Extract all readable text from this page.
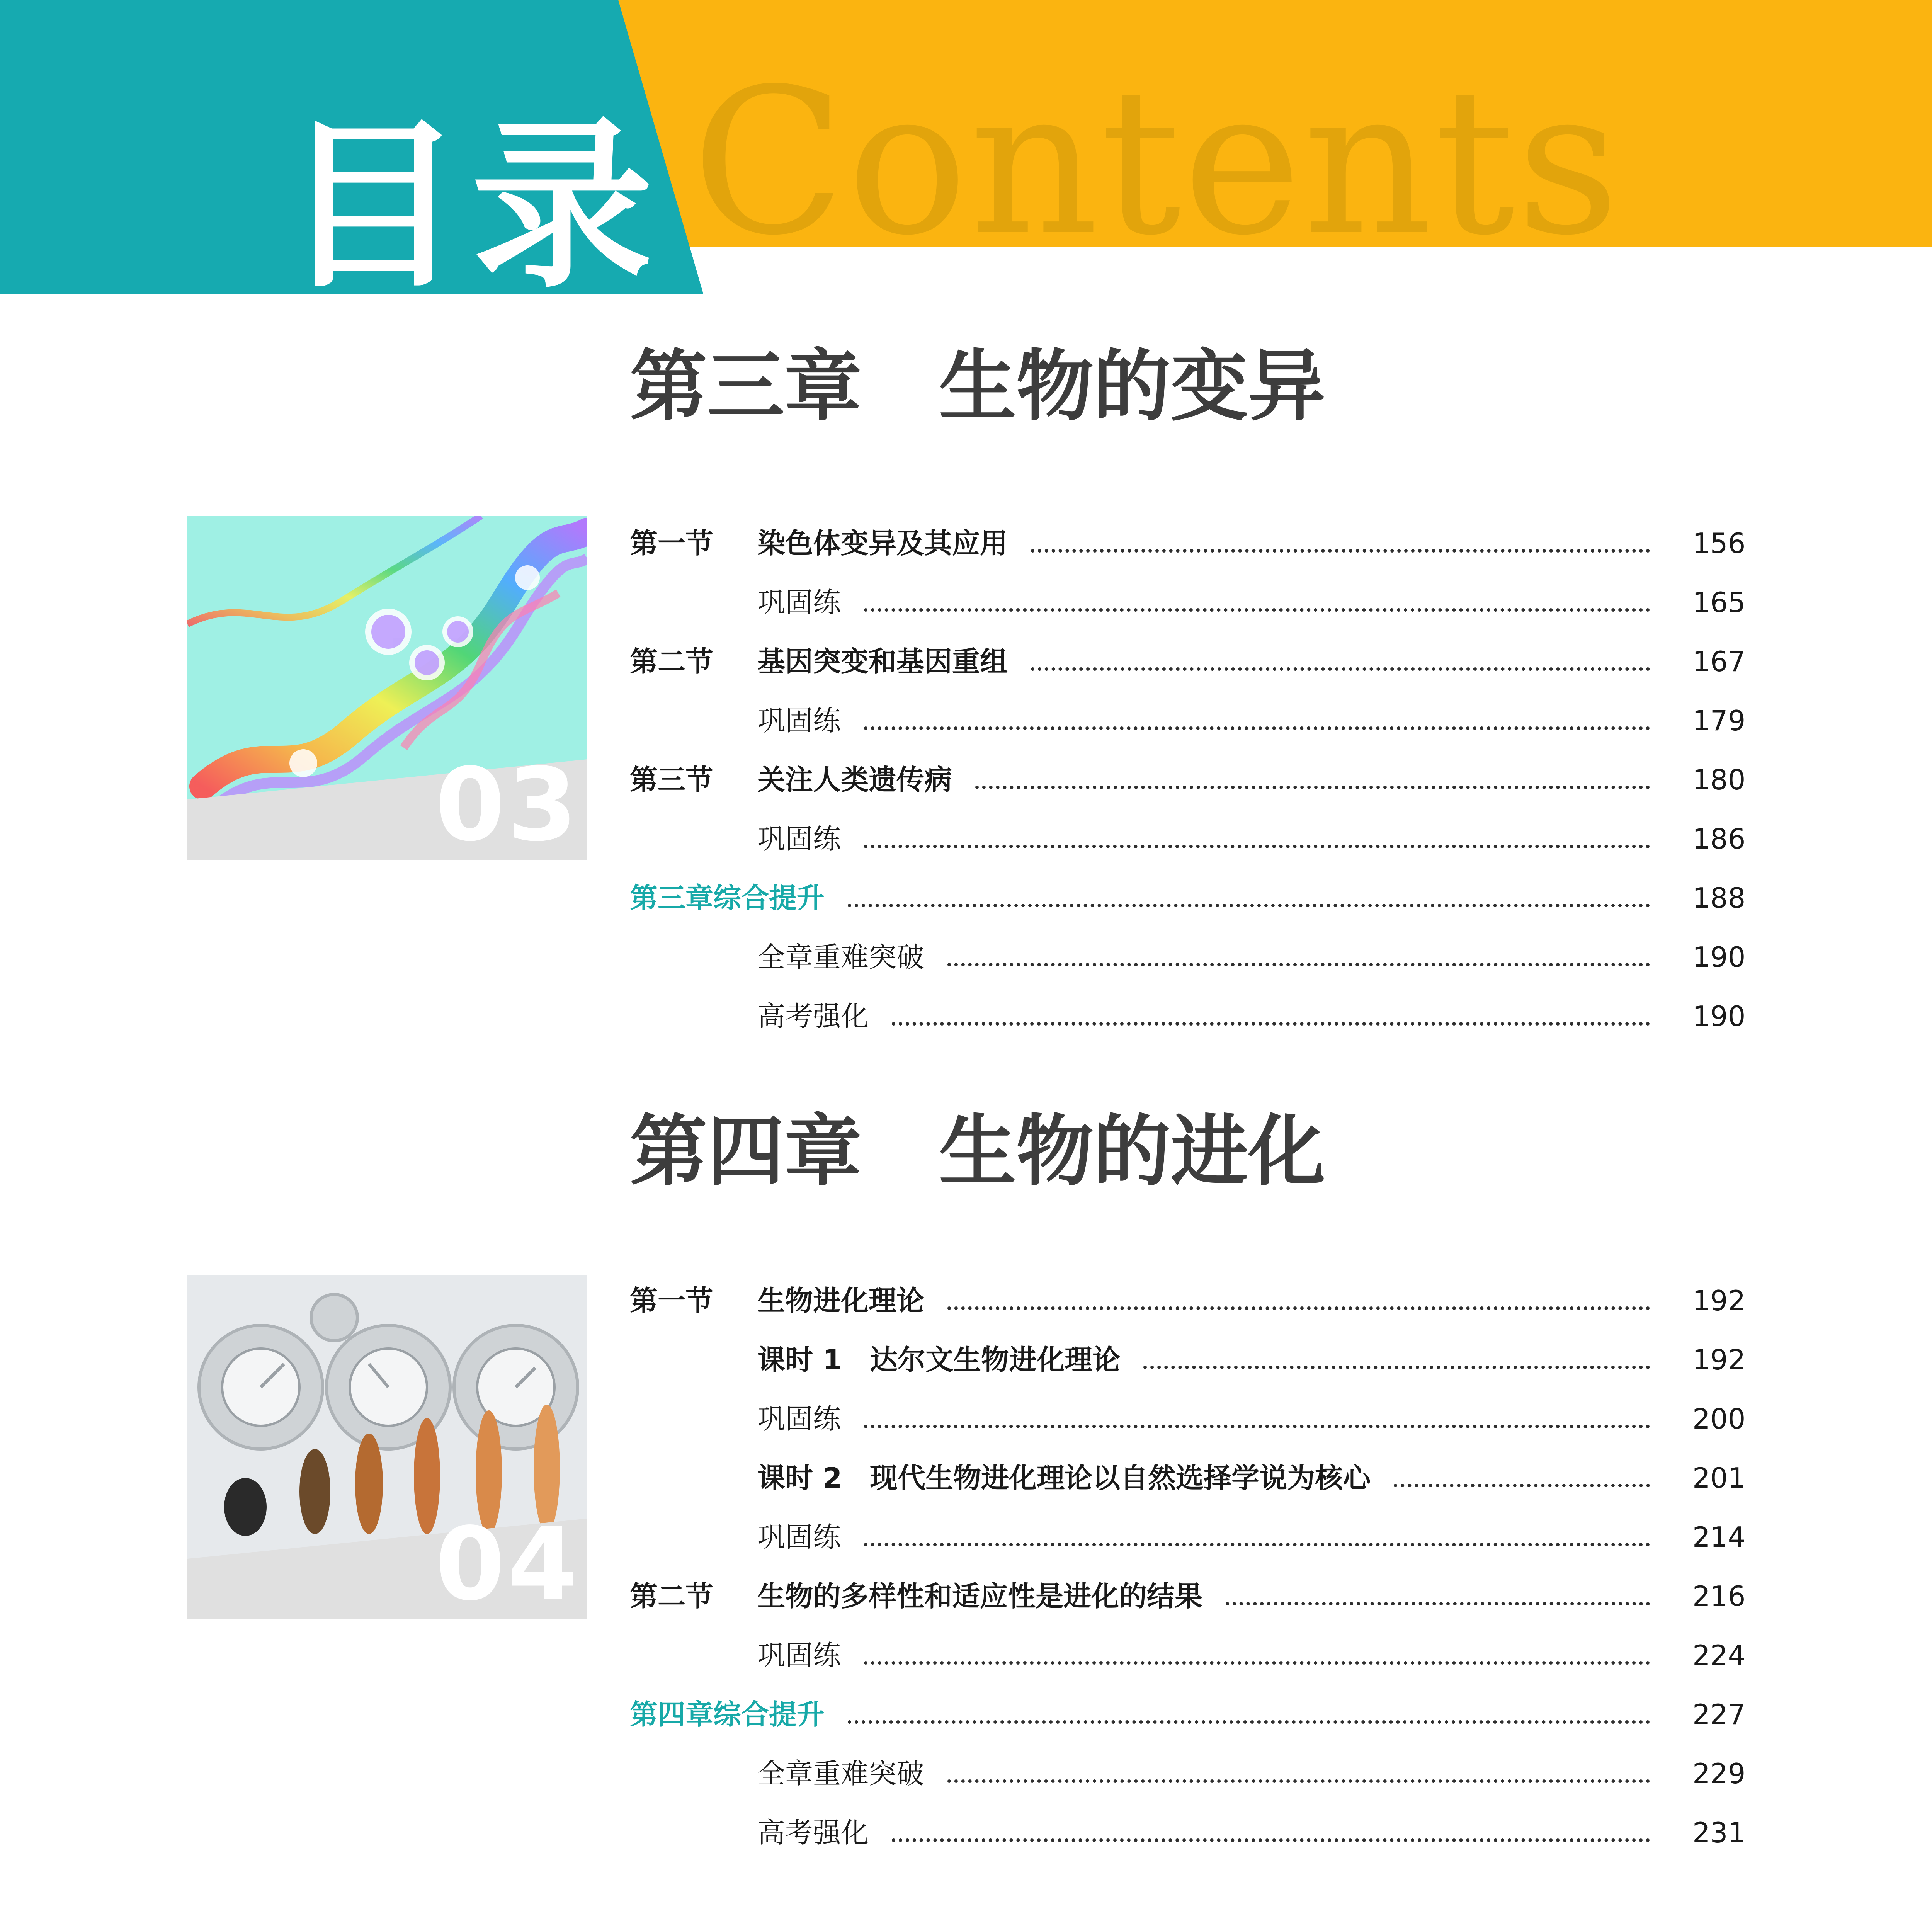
Contents
目录
第三章　生物的变异
03
第一节 染色体变异及其应用	156
巩固练	165
第二节 基因突变和基因重组	167
巩固练	179
第三节 关注人类遗传病	180
巩固练	186
第三章综合提升	188
全章重难突破	190
高考强化	190
第四章　生物的进化
04
第一节 生物进化理论	192
课时 1　达尔文生物进化理论	192
巩固练	200
课时 2　现代生物进化理论以自然选择学说为核心	201
巩固练	214
第二节 生物的多样性和适应性是进化的结果	216
巩固练	224
第四章综合提升	227
全章重难突破	229
高考强化	231
